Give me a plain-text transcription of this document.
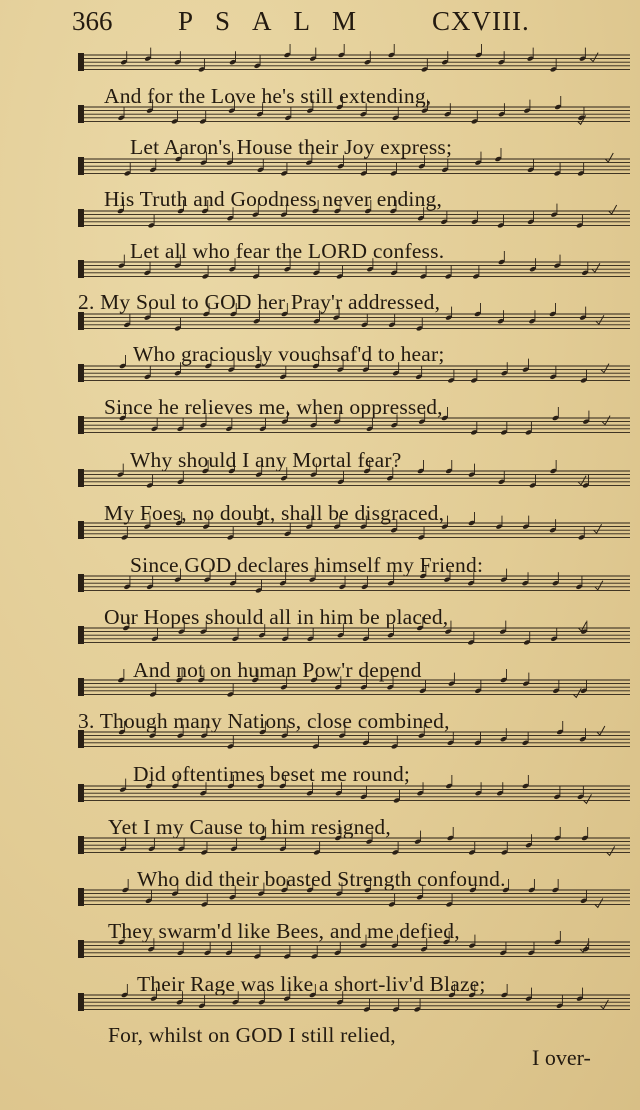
366 PSALM CXVIII.
And for the Love he's still extending,
Let Aaron's House their Joy express;
His Truth and Goodness never ending,
Let all who fear the LORD confess.
2. My Soul to GOD her Pray'r addressed,
Who graciously vouchsaf'd to hear;
Since he relieves me, when oppressed,
Why should I any Mortal fear?
My Foes, no doubt, shall be disgraced,
Since GOD declares himself my Friend:
Our Hopes should all in him be placed,
And not on human Pow'r depend
3. Though many Nations, close combined,
Did oftentimes beset me round;
Yet I my Cause to him resigned,
Who did their boasted Strength confound.
They swarm'd like Bees, and me defied,
Their Rage was like a short-liv'd Blaze;
For, whilst on GOD I still relied,
I over-
